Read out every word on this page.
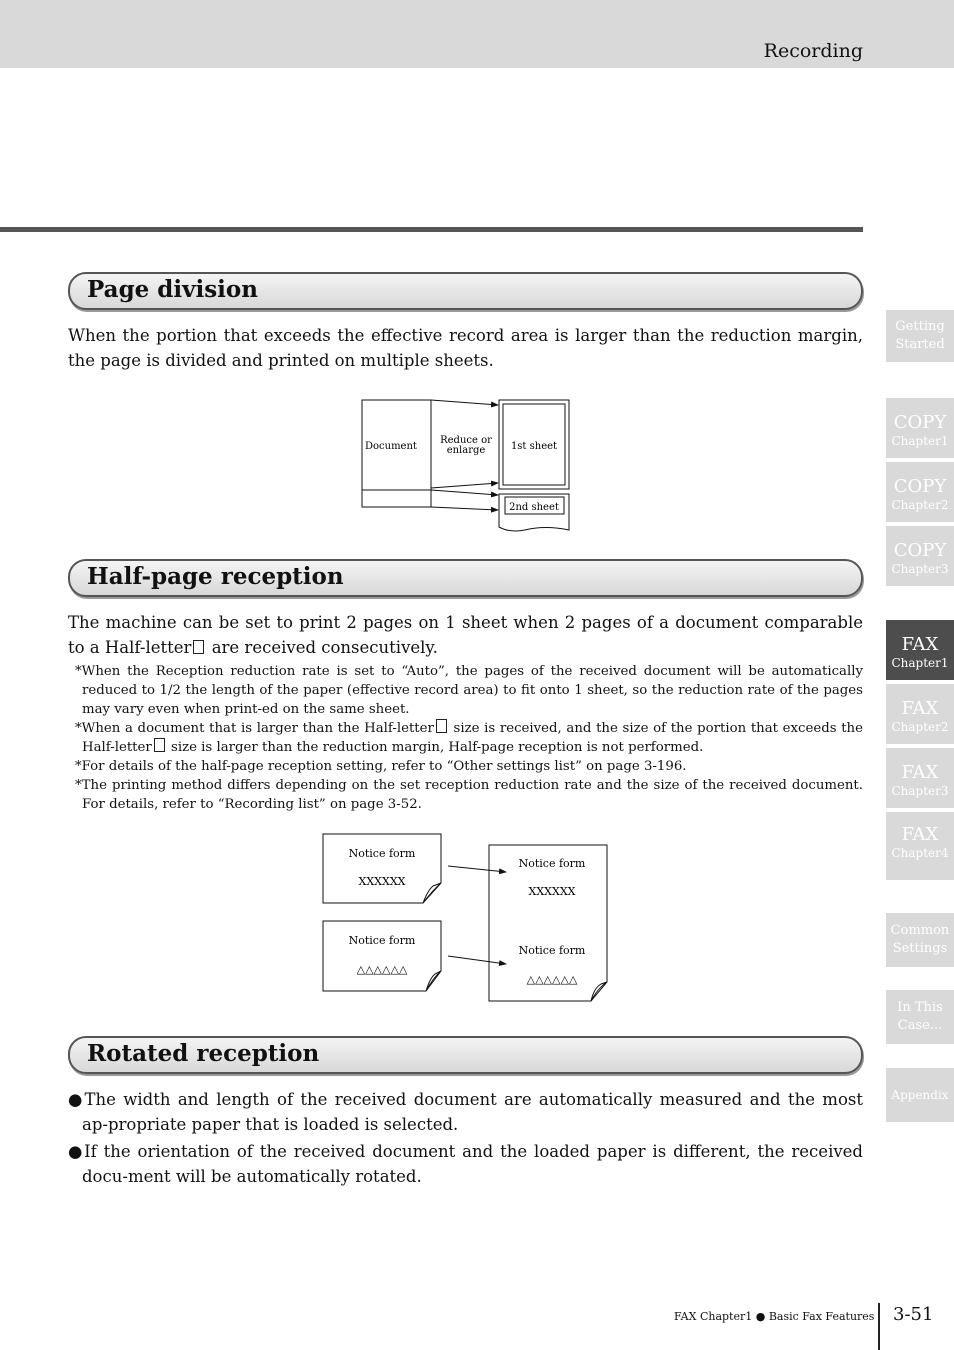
Recording
Page division
When the portion that exceeds the effective record area is larger than the reduction margin, the page is divided and printed on multiple sheets.
Document
Reduce or
enlarge	1st sheet
2nd sheet
Half-page reception
The machine can be set to print 2 pages on 1 sheet when 2 pages of a document comparable to a Half-letter are received consecutively.
*When the Reception reduction rate is set to “Auto”, the pages of the received document will be automatically reduced to 1/2 the length of the paper (effective record area) to fit onto 1 sheet, so the reduction rate of the pages may vary even when print-ed on the same sheet.
*When a document that is larger than the Half-letter size is received, and the size of the portion that exceeds the Half-letter size is larger than the reduction margin, Half-page reception is not performed.
*For details of the half-page reception setting, refer to “Other settings list” on page 3-196.
*The printing method differs depending on the set reception reduction rate and the size of the received document. For details, refer to “Recording list” on page 3-52.
Notice form
XXXXXX
Notice form
△△△△△△
Notice form
XXXXXX
Notice form
△△△△△△
Rotated reception
●The width and length of the received document are automatically measured and the most ap-propriate paper that is loaded is selected.
●If the orientation of the received document and the loaded paper is different, the received docu-ment will be automatically rotated.
Getting
Started
COPY
Chapter1
COPY
Chapter2
COPY
Chapter3
FAX
Chapter1
FAX
Chapter2
FAX
Chapter3
FAX
Chapter4
Common
Settings
In This
Case...
Appendix
FAX Chapter1 ● Basic Fax Features 3-51
